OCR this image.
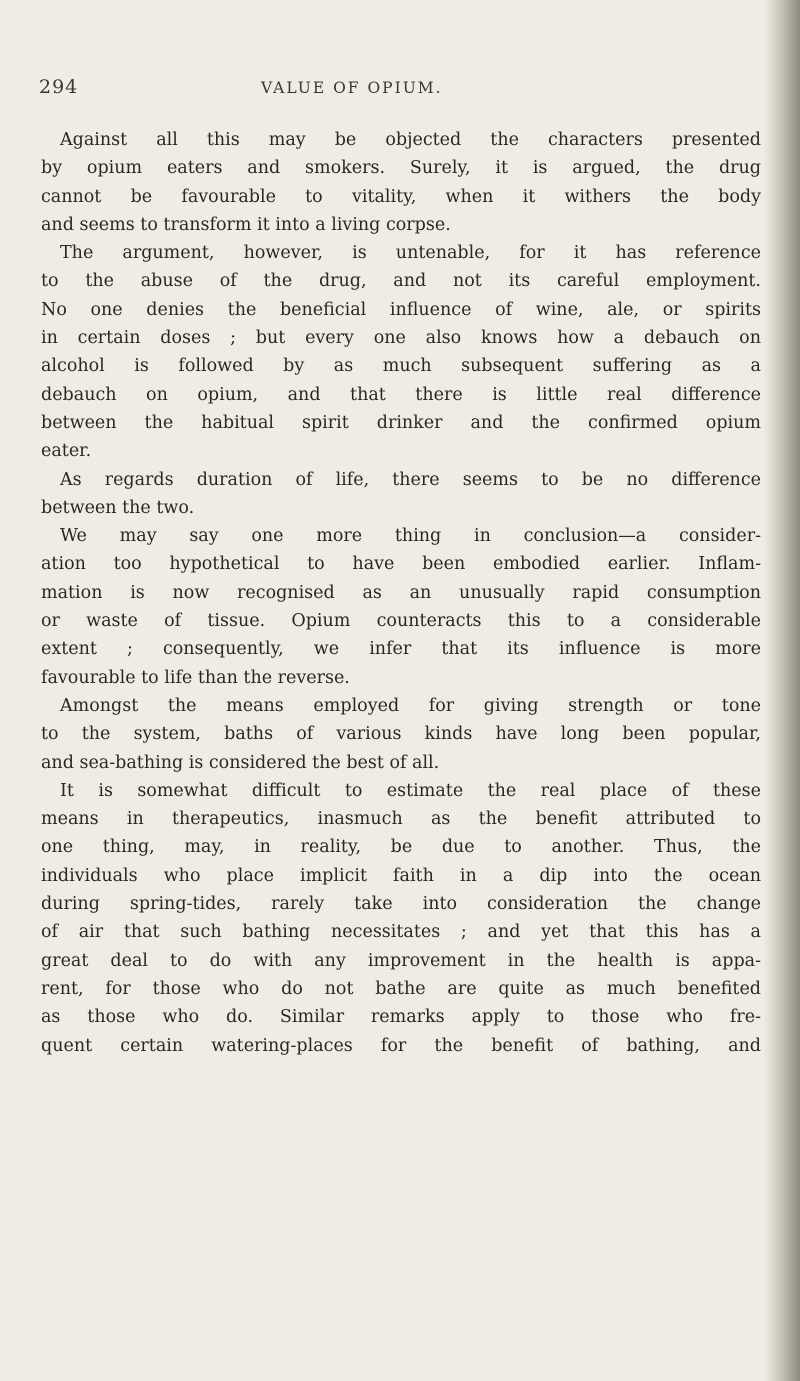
294	VALUE OF OPIUM.
Against all this may be objected the characters presented
by opium eaters and smokers. Surely, it is argued, the drug
cannot be favourable to vitality, when it withers the body
and seems to transform it into a living corpse.
The argument, however, is untenable, for it has reference
to the abuse of the drug, and not its careful employment.
No one denies the beneficial influence of wine, ale, or spirits
in certain doses ; but every one also knows how a debauch on
alcohol is followed by as much subsequent suffering as a
debauch on opium, and that there is little real difference
between the habitual spirit drinker and the confirmed opium
eater.
As regards duration of life, there seems to be no difference
between the two.
We may say one more thing in conclusion—a consider-
ation too hypothetical to have been embodied earlier. Inflam-
mation is now recognised as an unusually rapid consumption
or waste of tissue. Opium counteracts this to a considerable
extent ; consequently, we infer that its influence is more
favourable to life than the reverse.
Amongst the means employed for giving strength or tone
to the system, baths of various kinds have long been popular,
and sea-bathing is considered the best of all.
It is somewhat difficult to estimate the real place of these
means in therapeutics, inasmuch as the benefit attributed to
one thing, may, in reality, be due to another. Thus, the
individuals who place implicit faith in a dip into the ocean
during spring-tides, rarely take into consideration the change
of air that such bathing necessitates ; and yet that this has a
great deal to do with any improvement in the health is appa-
rent, for those who do not bathe are quite as much benefited
as those who do. Similar remarks apply to those who fre-
quent certain watering-places for the benefit of bathing, and
